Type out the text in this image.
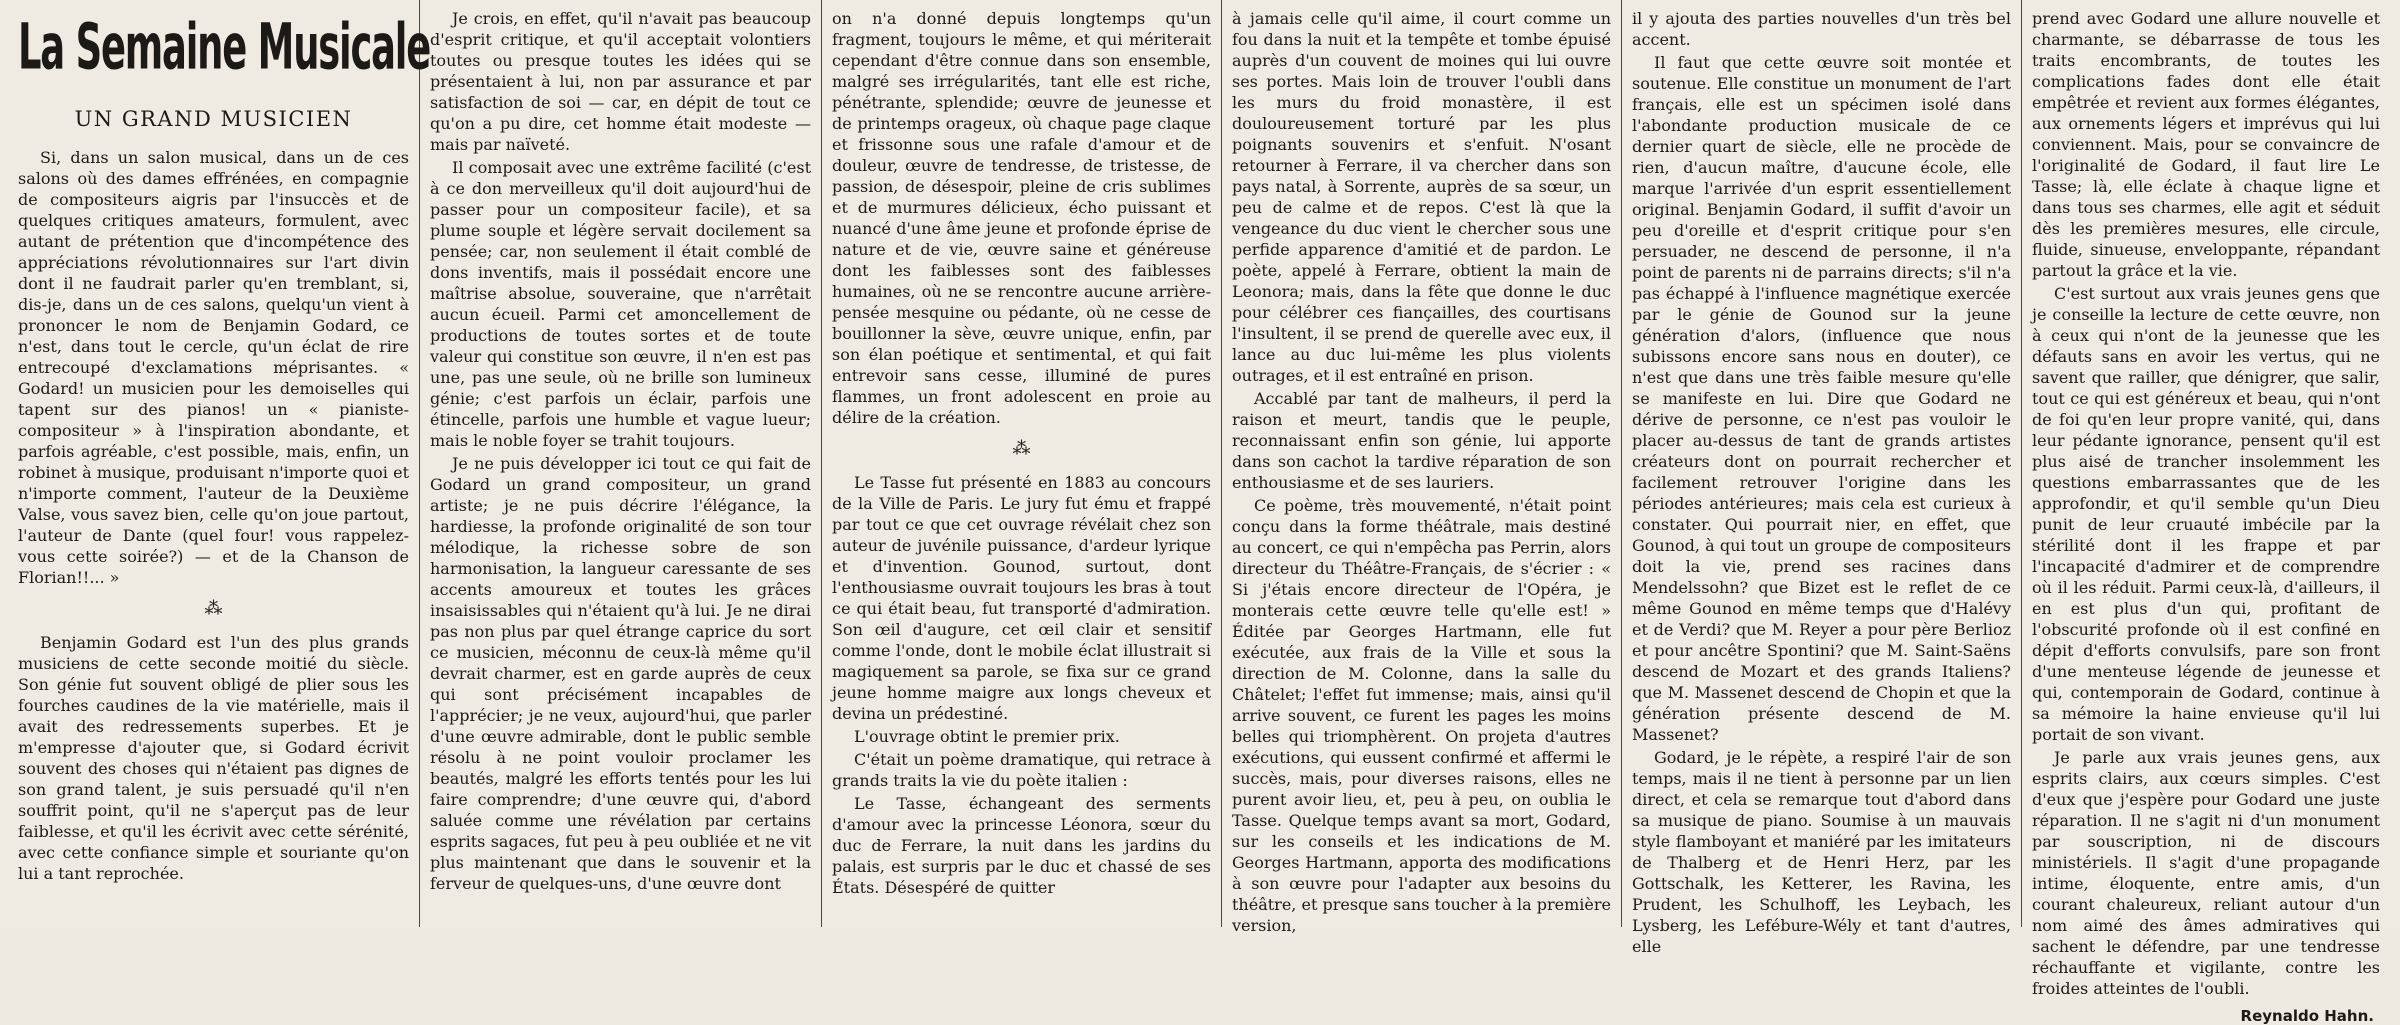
La Semaine Musicale
UN GRAND MUSICIEN

Si, dans un salon musical, dans un de ces salons où des dames effrénées, en compagnie de compositeurs aigris par l'insuccès et de quelques critiques amateurs, formulent, avec autant de prétention que d'incompétence des appréciations révolutionnaires sur l'art divin dont il ne faudrait parler qu'en tremblant, si, dis-je, dans un de ces salons, quelqu'un vient à prononcer le nom de Benjamin Godard, ce n'est, dans tout le cercle, qu'un éclat de rire entrecoupé d'exclamations méprisantes. « Godard! un musicien pour les demoiselles qui tapent sur des pianos! un « pianiste-compositeur » à l'inspiration abondante, et parfois agréable, c'est possible, mais, enfin, un robinet à musique, produisant n'importe quoi et n'importe comment, l'auteur de la Deuxième Valse, vous savez bien, celle qu'on joue partout, l'auteur de Dante (quel four! vous rappelez-vous cette soirée?) — et de la Chanson de Florian!!... »

⁂

Benjamin Godard est l'un des plus grands musiciens de cette seconde moitié du siècle. Son génie fut souvent obligé de plier sous les fourches caudines de la vie matérielle, mais il avait des redressements superbes. Et je m'empresse d'ajouter que, si Godard écrivit souvent des choses qui n'étaient pas dignes de son grand talent, je suis persuadé qu'il n'en souffrit point, qu'il ne s'aperçut pas de leur faiblesse, et qu'il les écrivit avec cette sérénité, avec cette confiance simple et souriante qu'on lui a tant reprochée.

Je crois, en effet, qu'il n'avait pas beaucoup d'esprit critique, et qu'il acceptait volontiers toutes ou presque toutes les idées qui se présentaient à lui, non par assurance et par satisfaction de soi — car, en dépit de tout ce qu'on a pu dire, cet homme était modeste — mais par naïveté.

Il composait avec une extrême facilité (c'est à ce don merveilleux qu'il doit aujourd'hui de passer pour un compositeur facile), et sa plume souple et légère servait docilement sa pensée; car, non seulement il était comblé de dons inventifs, mais il possédait encore une maîtrise absolue, souveraine, que n'arrêtait aucun écueil. Parmi cet amoncellement de productions de toutes sortes et de toute valeur qui constitue son œuvre, il n'en est pas une, pas une seule, où ne brille son lumineux génie; c'est parfois un éclair, parfois une étincelle, parfois une humble et vague lueur; mais le noble foyer se trahit toujours.

Je ne puis développer ici tout ce qui fait de Godard un grand compositeur, un grand artiste; je ne puis décrire l'élégance, la hardiesse, la profonde originalité de son tour mélodique, la richesse sobre de son harmonisation, la langueur caressante de ses accents amoureux et toutes les grâces insaisissables qui n'étaient qu'à lui. Je ne dirai pas non plus par quel étrange caprice du sort ce musicien, méconnu de ceux-là même qu'il devrait charmer, est en garde auprès de ceux qui sont précisément incapables de l'apprécier; je ne veux, aujourd'hui, que parler d'une œuvre admirable, dont le public semble résolu à ne point vouloir proclamer les beautés, malgré les efforts tentés pour les lui faire comprendre; d'une œuvre qui, d'abord saluée comme une révélation par certains esprits sagaces, fut peu à peu oubliée et ne vit plus maintenant que dans le souvenir et la ferveur de quelques-uns, d'une œuvre dont

on n'a donné depuis longtemps qu'un fragment, toujours le même, et qui mériterait cependant d'être connue dans son ensemble, malgré ses irrégularités, tant elle est riche, pénétrante, splendide; œuvre de jeunesse et de printemps orageux, où chaque page claque et frissonne sous une rafale d'amour et de douleur, œuvre de tendresse, de tristesse, de passion, de désespoir, pleine de cris sublimes et de murmures délicieux, écho puissant et nuancé d'une âme jeune et profonde éprise de nature et de vie, œuvre saine et généreuse dont les faiblesses sont des faiblesses humaines, où ne se rencontre aucune arrière-pensée mesquine ou pédante, où ne cesse de bouillonner la sève, œuvre unique, enfin, par son élan poétique et sentimental, et qui fait entrevoir sans cesse, illuminé de pures flammes, un front adolescent en proie au délire de la création.

⁂

Le Tasse fut présenté en 1883 au concours de la Ville de Paris. Le jury fut ému et frappé par tout ce que cet ouvrage révélait chez son auteur de juvénile puissance, d'ardeur lyrique et d'invention. Gounod, surtout, dont l'enthousiasme ouvrait toujours les bras à tout ce qui était beau, fut transporté d'admiration. Son œil d'augure, cet œil clair et sensitif comme l'onde, dont le mobile éclat illustrait si magiquement sa parole, se fixa sur ce grand jeune homme maigre aux longs cheveux et devina un prédestiné.

L'ouvrage obtint le premier prix.

C'était un poème dramatique, qui retrace à grands traits la vie du poète italien :

Le Tasse, échangeant des serments d'amour avec la princesse Léonora, sœur du duc de Ferrare, la nuit dans les jardins du palais, est surpris par le duc et chassé de ses États. Désespéré de quitter

à jamais celle qu'il aime, il court comme un fou dans la nuit et la tempête et tombe épuisé auprès d'un couvent de moines qui lui ouvre ses portes. Mais loin de trouver l'oubli dans les murs du froid monastère, il est douloureusement torturé par les plus poignants souvenirs et s'enfuit. N'osant retourner à Ferrare, il va chercher dans son pays natal, à Sorrente, auprès de sa sœur, un peu de calme et de repos. C'est là que la vengeance du duc vient le chercher sous une perfide apparence d'amitié et de pardon. Le poète, appelé à Ferrare, obtient la main de Leonora; mais, dans la fête que donne le duc pour célébrer ces fiançailles, des courtisans l'insultent, il se prend de querelle avec eux, il lance au duc lui-même les plus violents outrages, et il est entraîné en prison.

Accablé par tant de malheurs, il perd la raison et meurt, tandis que le peuple, reconnaissant enfin son génie, lui apporte dans son cachot la tardive réparation de son enthousiasme et de ses lauriers.

Ce poème, très mouvementé, n'était point conçu dans la forme théâtrale, mais destiné au concert, ce qui n'empêcha pas Perrin, alors directeur du Théâtre-Français, de s'écrier : « Si j'étais encore directeur de l'Opéra, je monterais cette œuvre telle qu'elle est! » Éditée par Georges Hartmann, elle fut exécutée, aux frais de la Ville et sous la direction de M. Colonne, dans la salle du Châtelet; l'effet fut immense; mais, ainsi qu'il arrive souvent, ce furent les pages les moins belles qui triomphèrent. On projeta d'autres exécutions, qui eussent confirmé et affermi le succès, mais, pour diverses raisons, elles ne purent avoir lieu, et, peu à peu, on oublia le Tasse. Quelque temps avant sa mort, Godard, sur les conseils et les indications de M. Georges Hartmann, apporta des modifications à son œuvre pour l'adapter aux besoins du théâtre, et presque sans toucher à la première version,

il y ajouta des parties nouvelles d'un très bel accent.

Il faut que cette œuvre soit montée et soutenue. Elle constitue un monument de l'art français, elle est un spécimen isolé dans l'abondante production musicale de ce dernier quart de siècle, elle ne procède de rien, d'aucun maître, d'aucune école, elle marque l'arrivée d'un esprit essentiellement original. Benjamin Godard, il suffit d'avoir un peu d'oreille et d'esprit critique pour s'en persuader, ne descend de personne, il n'a point de parents ni de parrains directs; s'il n'a pas échappé à l'influence magnétique exercée par le génie de Gounod sur la jeune génération d'alors, (influence que nous subissons encore sans nous en douter), ce n'est que dans une très faible mesure qu'elle se manifeste en lui. Dire que Godard ne dérive de personne, ce n'est pas vouloir le placer au-dessus de tant de grands artistes créateurs dont on pourrait rechercher et facilement retrouver l'origine dans les périodes antérieures; mais cela est curieux à constater. Qui pourrait nier, en effet, que Gounod, à qui tout un groupe de compositeurs doit la vie, prend ses racines dans Mendelssohn? que Bizet est le reflet de ce même Gounod en même temps que d'Halévy et de Verdi? que M. Reyer a pour père Berlioz et pour ancêtre Spontini? que M. Saint-Saëns descend de Mozart et des grands Italiens? que M. Massenet descend de Chopin et que la génération présente descend de M. Massenet?

Godard, je le répète, a respiré l'air de son temps, mais il ne tient à personne par un lien direct, et cela se remarque tout d'abord dans sa musique de piano. Soumise à un mauvais style flamboyant et maniéré par les imitateurs de Thalberg et de Henri Herz, par les Gottschalk, les Ketterer, les Ravina, les Prudent, les Schulhoff, les Leybach, les Lysberg, les Lefébure-Wély et tant d'autres, elle

prend avec Godard une allure nouvelle et charmante, se débarrasse de tous les traits encombrants, de toutes les complications fades dont elle était empêtrée et revient aux formes élégantes, aux ornements légers et imprévus qui lui conviennent. Mais, pour se convaincre de l'originalité de Godard, il faut lire Le Tasse; là, elle éclate à chaque ligne et dans tous ses charmes, elle agit et séduit dès les premières mesures, elle circule, fluide, sinueuse, enveloppante, répandant partout la grâce et la vie.

C'est surtout aux vrais jeunes gens que je conseille la lecture de cette œuvre, non à ceux qui n'ont de la jeunesse que les défauts sans en avoir les vertus, qui ne savent que railler, que dénigrer, que salir, tout ce qui est généreux et beau, qui n'ont de foi qu'en leur propre vanité, qui, dans leur pédante ignorance, pensent qu'il est plus aisé de trancher insolemment les questions embarrassantes que de les approfondir, et qu'il semble qu'un Dieu punit de leur cruauté imbécile par la stérilité dont il les frappe et par l'incapacité d'admirer et de comprendre où il les réduit. Parmi ceux-là, d'ailleurs, il en est plus d'un qui, profitant de l'obscurité profonde où il est confiné en dépit d'efforts convulsifs, pare son front d'une menteuse légende de jeunesse et qui, contemporain de Godard, continue à sa mémoire la haine envieuse qu'il lui portait de son vivant.

Je parle aux vrais jeunes gens, aux esprits clairs, aux cœurs simples. C'est d'eux que j'espère pour Godard une juste réparation. Il ne s'agit ni d'un monument par souscription, ni de discours ministériels. Il s'agit d'une propagande intime, éloquente, entre amis, d'un courant chaleureux, reliant autour d'un nom aimé des âmes admiratives qui sachent le défendre, par une tendresse réchauffante et vigilante, contre les froides atteintes de l'oubli.

Reynaldo Hahn.
